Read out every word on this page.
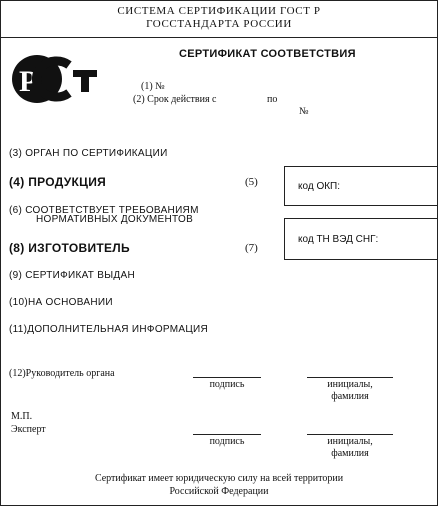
СИСТЕМА СЕРТИФИКАЦИИ ГОСТ Р
ГОССТАНДАРТА РОССИИ
Р
СЕРТИФИКАТ СООТВЕТСТВИЯ
(1) №
(2) Срок действия с	по
№
(3) ОРГАН ПО СЕРТИФИКАЦИИ
(4) ПРОДУКЦИЯ	(5)	код ОКП:
(6) СООТВЕТСТВУЕТ ТРЕБОВАНИЯМ
НОРМАТИВНЫХ ДОКУМЕНТОВ
(8) ИЗГОТОВИТЕЛЬ	(7)
код ТН ВЭД СНГ:
(9) СЕРТИФИКАТ ВЫДАН
(10)НА ОСНОВАНИИ
(11)ДОПОЛНИТЕЛЬНАЯ ИНФОРМАЦИЯ
(12)Руководитель органа
подпись	инициалы,
фамилия
М.П.
Эксперт
подпись	инициалы,
фамилия
Сертификат имеет юридическую силу на всей территории
Российской Федерации
